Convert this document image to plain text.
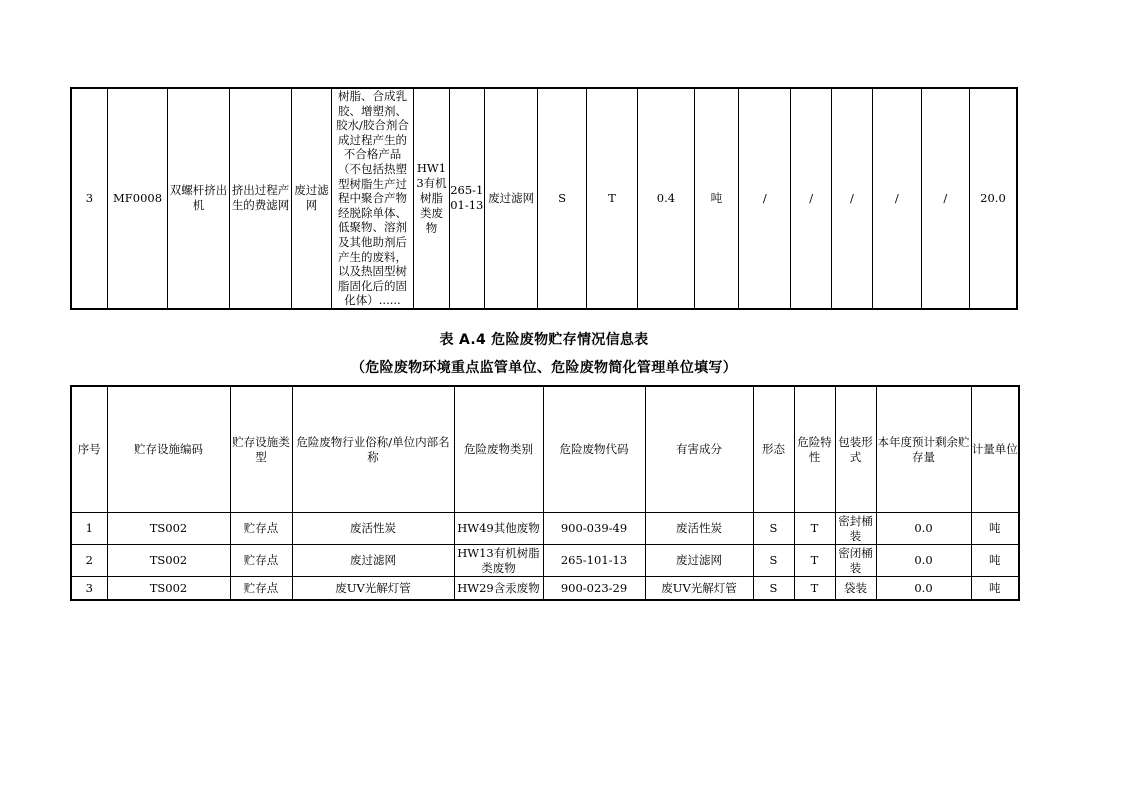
3	MF0008	双螺杆挤出机	挤出过程产生的费滤网	废过滤网	树脂、合成乳胶、增塑剂、胶水/胶合剂合成过程产生的不合格产品（不包括热塑型树脂生产过程中聚合产物经脱除单体、低聚物、溶剂及其他助剂后产生的废料，以及热固型树脂固化后的固化体）......	HW13有机树脂类废物	265-101-13	废过滤网	S	T	0.4	吨	/	/	/	/	/	20.0
表 A.4 危险废物贮存情况信息表
（危险废物环境重点监管单位、危险废物简化管理单位填写）
序号	贮存设施编码	贮存设施类型	危险废物行业俗称/单位内部名称	危险废物类别	危险废物代码	有害成分	形态	危险特性	包装形式	本年度预计剩余贮存量	计量单位
1	TS002	贮存点	废活性炭	HW49其他废物	900-039-49	废活性炭	S	T	密封桶装	0.0	吨
2	TS002	贮存点	废过滤网	HW13有机树脂类废物	265-101-13	废过滤网	S	T	密闭桶装	0.0	吨
3	TS002	贮存点	废UV光解灯管	HW29含汞废物	900-023-29	废UV光解灯管	S	T	袋装	0.0	吨
